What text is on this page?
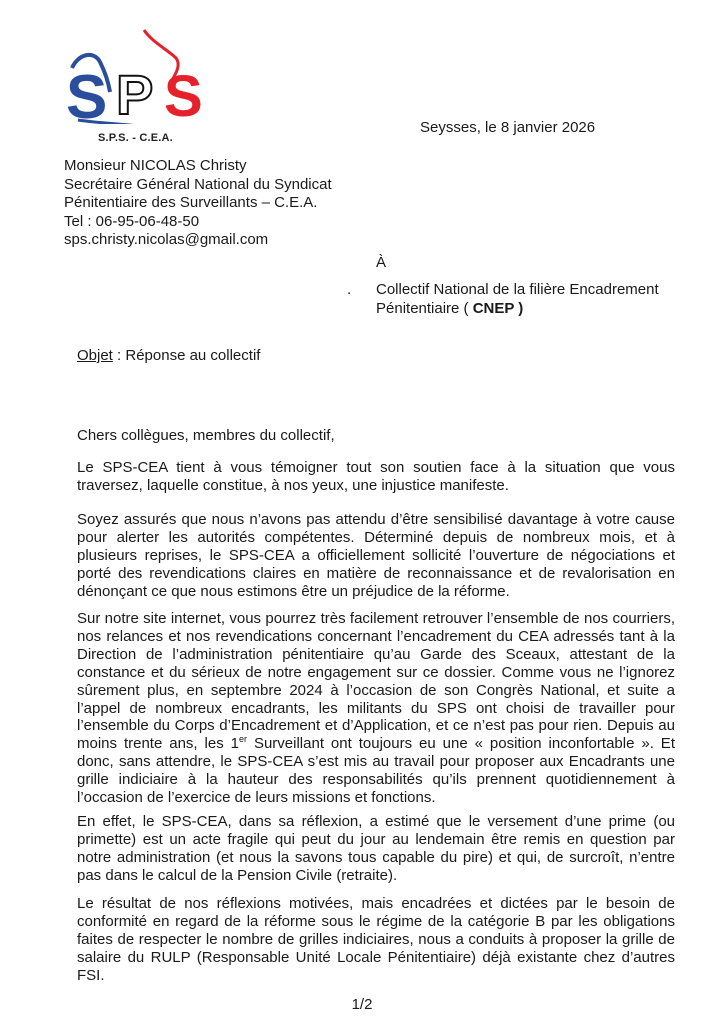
S P S
S.P.S. - C.E.A.
Seysses, le 8 janvier 2026
Monsieur NICOLAS Christy
Secrétaire Général National du Syndicat
Pénitentiaire des Surveillants – C.E.A.
Tel : 06-95-06-48-50
sps.christy.nicolas@gmail.com
À
. Collectif National de la filière Encadrement
Pénitentiaire ( CNEP )
Objet : Réponse au collectif
Chers collègues, membres du collectif,
Le SPS-CEA tient à vous témoigner tout son soutien face à la situation que vous traversez, laquelle constitue, à nos yeux, une injustice manifeste.
Soyez assurés que nous n’avons pas attendu d’être sensibilisé davantage à votre cause pour alerter les autorités compétentes. Déterminé depuis de nombreux mois, et à plusieurs reprises, le SPS-CEA a officiellement sollicité l’ouverture de négociations et porté des revendications claires en matière de reconnaissance et de revalorisation en dénonçant ce que nous estimons être un préjudice de la réforme.
Sur notre site internet, vous pourrez très facilement retrouver l’ensemble de nos courriers, nos relances et nos revendications concernant l’encadrement du CEA adressés tant à la Direction de l’administration pénitentiaire qu’au Garde des Sceaux, attestant de la constance et du sérieux de notre engagement sur ce dossier. Comme vous ne l’ignorez sûrement plus, en septembre 2024 à l’occasion de son Congrès National, et suite a l’appel de nombreux encadrants, les militants du SPS ont choisi de travailler pour l’ensemble du Corps d’Encadrement et d’Application, et ce n’est pas pour rien. Depuis au moins trente ans, les 1er Surveillant ont toujours eu une « position inconfortable ». Et donc, sans attendre, le SPS-CEA s’est mis au travail pour proposer aux Encadrants une grille indiciaire à la hauteur des responsabilités qu’ils prennent quotidiennement à l’occasion de l’exercice de leurs missions et fonctions.
En effet, le SPS-CEA, dans sa réflexion, a estimé que le versement d’une prime (ou primette) est un acte fragile qui peut du jour au lendemain être remis en question par notre administration (et nous la savons tous capable du pire) et qui, de surcroît, n’entre pas dans le calcul de la Pension Civile (retraite).
Le résultat de nos réflexions motivées, mais encadrées et dictées par le besoin de conformité en regard de la réforme sous le régime de la catégorie B par les obligations faites de respecter le nombre de grilles indiciaires, nous a conduits à proposer la grille de salaire du RULP (Responsable Unité Locale Pénitentiaire) déjà existante chez d’autres FSI.
1/2
